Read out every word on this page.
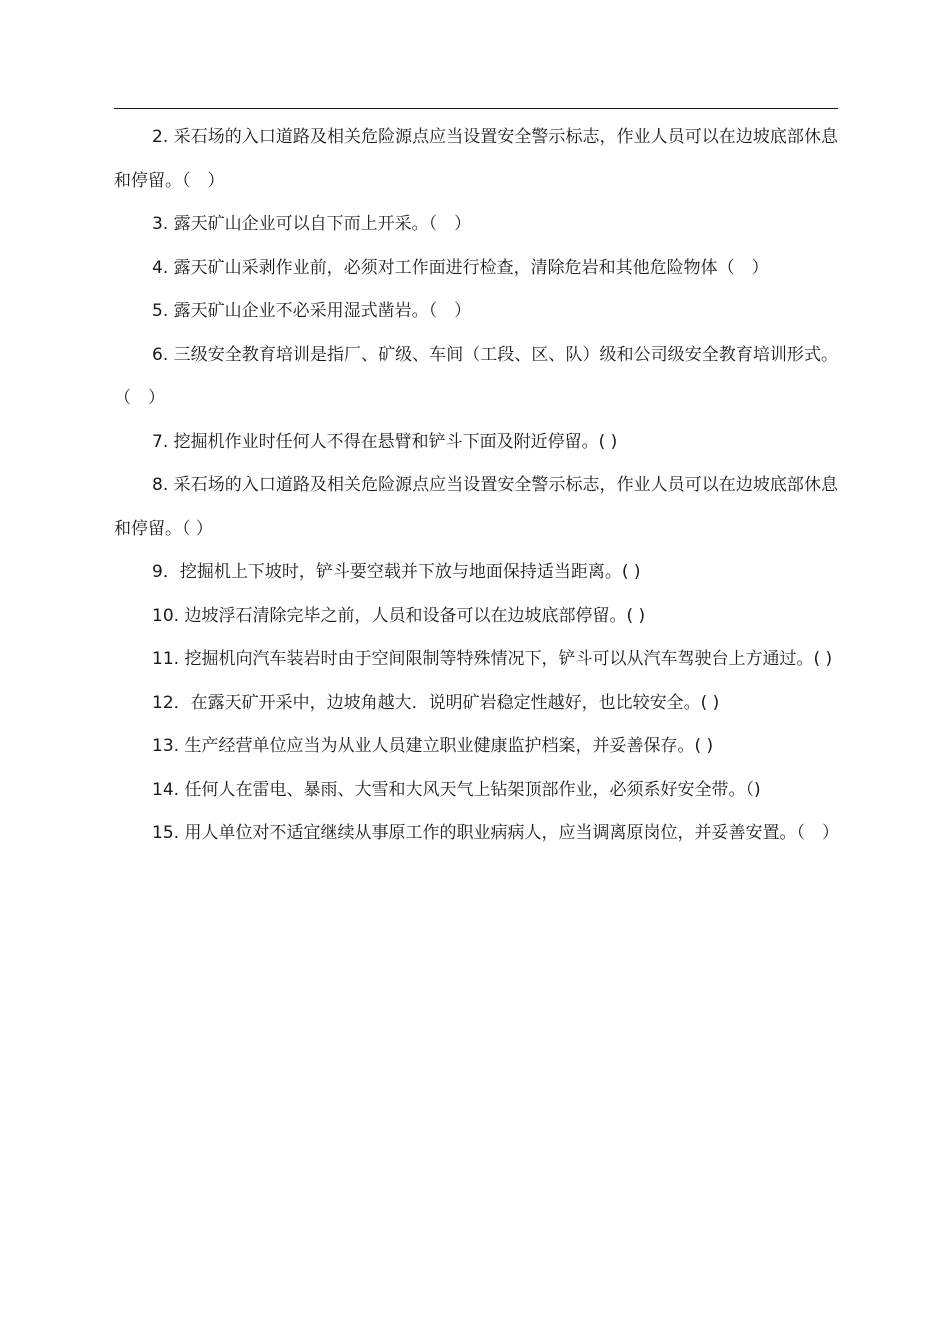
2. 采石场的入口道路及相关危险源点应当设置安全警示标志，作业人员可以在边坡底部休息和停留。（　）
3. 露天矿山企业可以自下而上开采。（　）
4. 露天矿山采剥作业前，必须对工作面进行检查，清除危岩和其他危险物体（　）
5. 露天矿山企业不必采用湿式凿岩。（　）
6. 三级安全教育培训是指厂、矿级、车间（工段、区、队）级和公司级安全教育培训形式。（　）
7. 挖掘机作业时任何人不得在悬臂和铲斗下面及附近停留。( )
8. 采石场的入口道路及相关危险源点应当设置安全警示标志，作业人员可以在边坡底部休息和停留。（ ）
9．挖掘机上下坡时，铲斗要空载并下放与地面保持适当距离。( )
10. 边坡浮石清除完毕之前，人员和设备可以在边坡底部停留。( )
11. 挖掘机向汽车装岩时由于空间限制等特殊情况下，铲斗可以从汽车驾驶台上方通过。( )
12．在露天矿开采中，边坡角越大．说明矿岩稳定性越好，也比较安全。( )
13. 生产经营单位应当为从业人员建立职业健康监护档案，并妥善保存。( )
14. 任何人在雷电、暴雨、大雪和大风天气上钻架顶部作业，必须系好安全带。（)
15. 用人单位对不适宜继续从事原工作的职业病病人，应当调离原岗位，并妥善安置。（　）
